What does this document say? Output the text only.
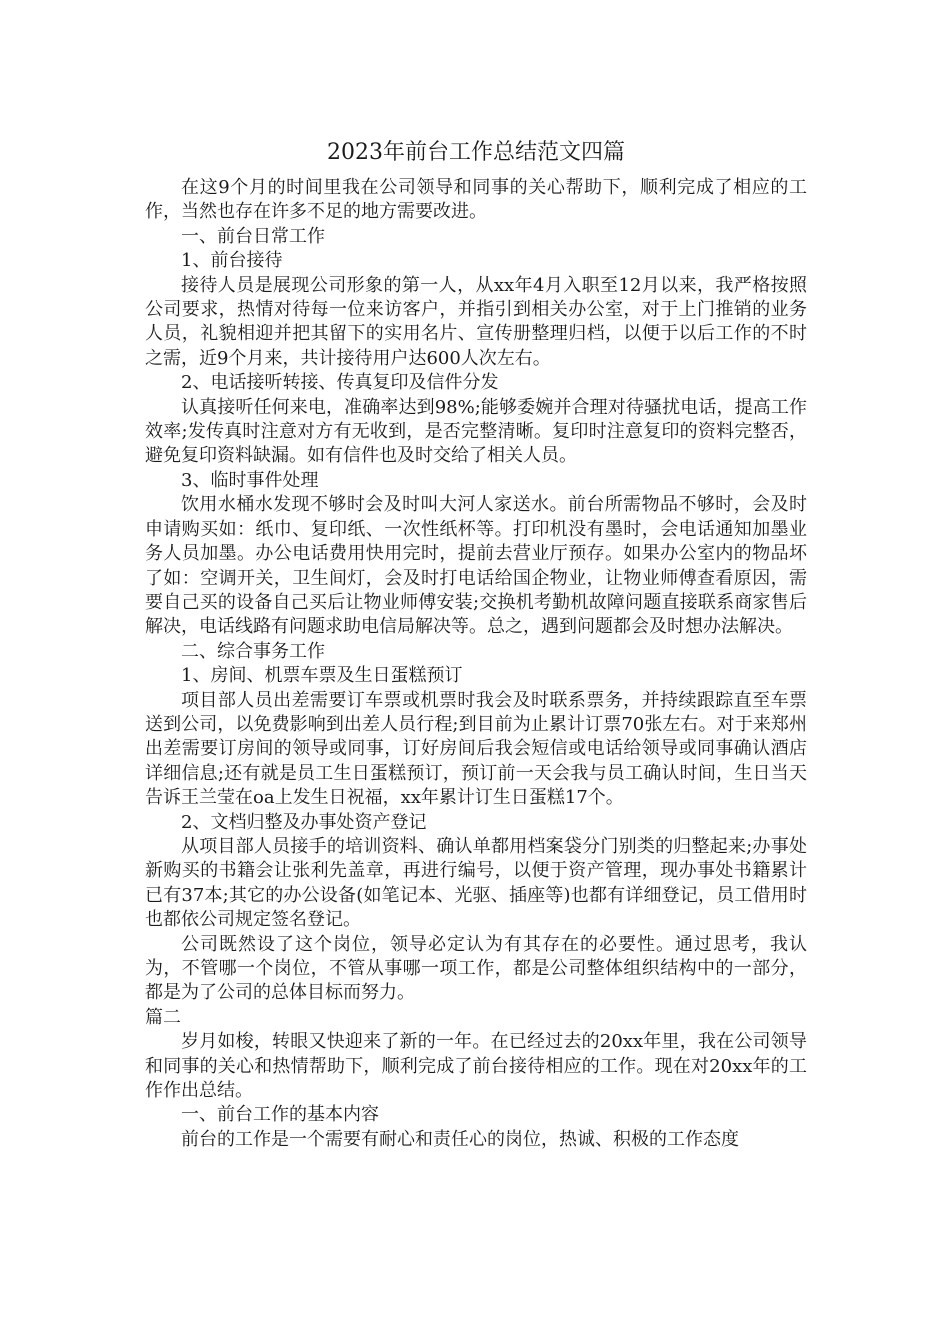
2023年前台工作总结范文四篇

在这9个月的时间里我在公司领导和同事的关心帮助下，顺利完成了相应的工作，当然也存在许多不足的地方需要改进。

一、前台日常工作

1、前台接待

接待人员是展现公司形象的第一人，从xx年4月入职至12月以来，我严格按照公司要求，热情对待每一位来访客户，并指引到相关办公室，对于上门推销的业务人员，礼貌相迎并把其留下的实用名片、宣传册整理归档，以便于以后工作的不时之需，近9个月来，共计接待用户达600人次左右。

2、电话接听转接、传真复印及信件分发

认真接听任何来电，准确率达到98%;能够委婉并合理对待骚扰电话，提高工作效率;发传真时注意对方有无收到，是否完整清晰。复印时注意复印的资料完整否，避免复印资料缺漏。如有信件也及时交给了相关人员。

3、临时事件处理

饮用水桶水发现不够时会及时叫大河人家送水。前台所需物品不够时，会及时申请购买如：纸巾、复印纸、一次性纸杯等。打印机没有墨时，会电话通知加墨业务人员加墨。办公电话费用快用完时，提前去营业厅预存。如果办公室内的物品坏了如：空调开关，卫生间灯，会及时打电话给国企物业，让物业师傅查看原因，需要自己买的设备自己买后让物业师傅安装;交换机考勤机故障问题直接联系商家售后解决，电话线路有问题求助电信局解决等。总之，遇到问题都会及时想办法解决。

二、综合事务工作

1、房间、机票车票及生日蛋糕预订

项目部人员出差需要订车票或机票时我会及时联系票务，并持续跟踪直至车票送到公司，以免费影响到出差人员行程;到目前为止累计订票70张左右。对于来郑州出差需要订房间的领导或同事，订好房间后我会短信或电话给领导或同事确认酒店详细信息;还有就是员工生日蛋糕预订，预订前一天会我与员工确认时间，生日当天告诉王兰莹在oa上发生日祝福，xx年累计订生日蛋糕17个。

2、文档归整及办事处资产登记

从项目部人员接手的培训资料、确认单都用档案袋分门别类的归整起来;办事处新购买的书籍会让张利先盖章，再进行编号，以便于资产管理，现办事处书籍累计已有37本;其它的办公设备(如笔记本、光驱、插座等)也都有详细登记，员工借用时也都依公司规定签名登记。

公司既然设了这个岗位，领导必定认为有其存在的必要性。通过思考，我认为，不管哪一个岗位，不管从事哪一项工作，都是公司整体组织结构中的一部分，都是为了公司的总体目标而努力。

篇二

岁月如梭，转眼又快迎来了新的一年。在已经过去的20xx年里，我在公司领导和同事的关心和热情帮助下，顺利完成了前台接待相应的工作。现在对20xx年的工作作出总结。

一、前台工作的基本内容

前台的工作是一个需要有耐心和责任心的岗位，热诚、积极的工作态度
